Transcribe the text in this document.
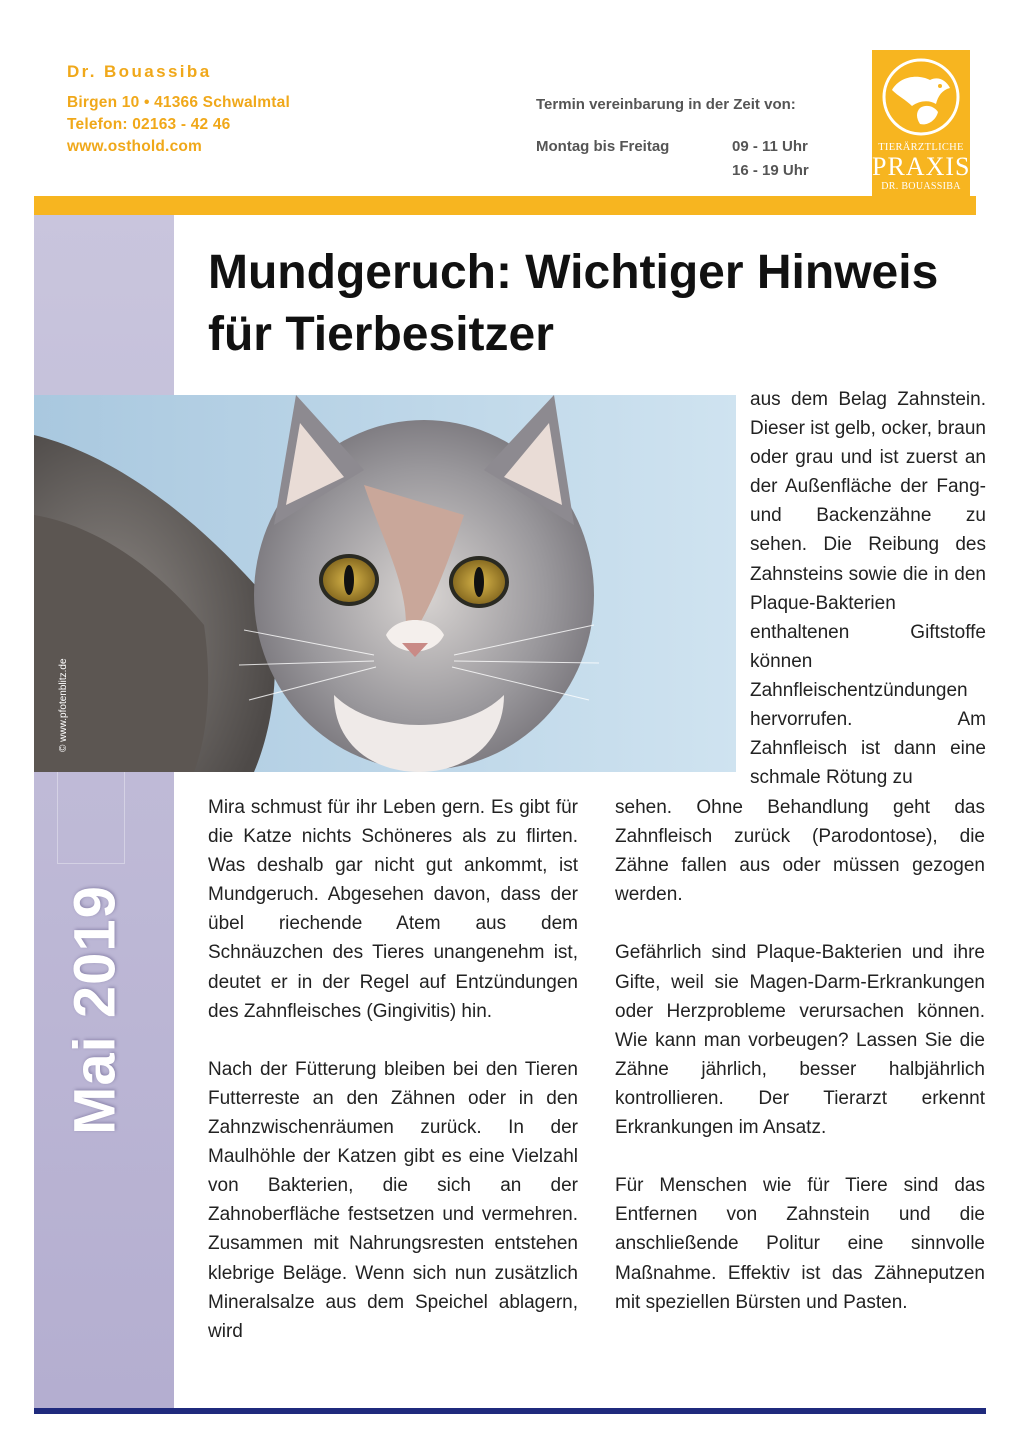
Dr. Bouassiba
Birgen 10 • 41366 Schwalmtal
Telefon: 02163 - 42 46
www.osthold.com
Termin vereinbarung in der Zeit von:
Montag bis Freitag	09 - 11 Uhr
16 - 19 Uhr
TIERÄRZTLICHE
PRAXIS
DR. BOUASSIBA
Mai 2019
Mundgeruch: Wichtiger Hinweis für Tierbesitzer
© www.pfotenblitz.de

aus dem Belag Zahnstein. Dieser ist gelb, ocker, braun oder grau und ist zuerst an der Außenfläche der Fang- und Backenzähne zu sehen. Die Reibung des Zahnsteins sowie die in den Plaque-Bakterien enthaltenen Giftstoffe können Zahnfleischentzündungen hervorrufen. Am Zahnfleisch ist dann eine schmale Rötung zu

Mira schmust für ihr Leben gern. Es gibt für die Katze nichts Schöneres als zu flirten. Was deshalb gar nicht gut ankommt, ist Mundgeruch. Abgesehen davon, dass der übel riechende Atem aus dem Schnäuzchen des Tieres unangenehm ist, deutet er in der Regel auf Entzündungen des Zahnfleisches (Gingivitis) hin.

Nach der Fütterung bleiben bei den Tieren Futterreste an den Zähnen oder in den Zahnzwischenräumen zurück. In der Maulhöhle der Katzen gibt es eine Vielzahl von Bakterien, die sich an der Zahnoberfläche festsetzen und vermehren. Zusammen mit Nahrungsresten entstehen klebrige Beläge. Wenn sich nun zusätzlich Mineralsalze aus dem Speichel ablagern, wird

sehen. Ohne Behandlung geht das Zahnfleisch zurück (Parodontose), die Zähne fallen aus oder müssen gezogen werden.

Gefährlich sind Plaque-Bakterien und ihre Gifte, weil sie Magen-Darm-Erkrankungen oder Herzprobleme verursachen können. Wie kann man vorbeugen? Lassen Sie die Zähne jährlich, besser halbjährlich kontrollieren. Der Tierarzt erkennt Erkrankungen im Ansatz.

Für Menschen wie für Tiere sind das Entfernen von Zahnstein und die anschließende Politur eine sinnvolle Maßnahme. Effektiv ist das Zähneputzen mit speziellen Bürsten und Pasten.
